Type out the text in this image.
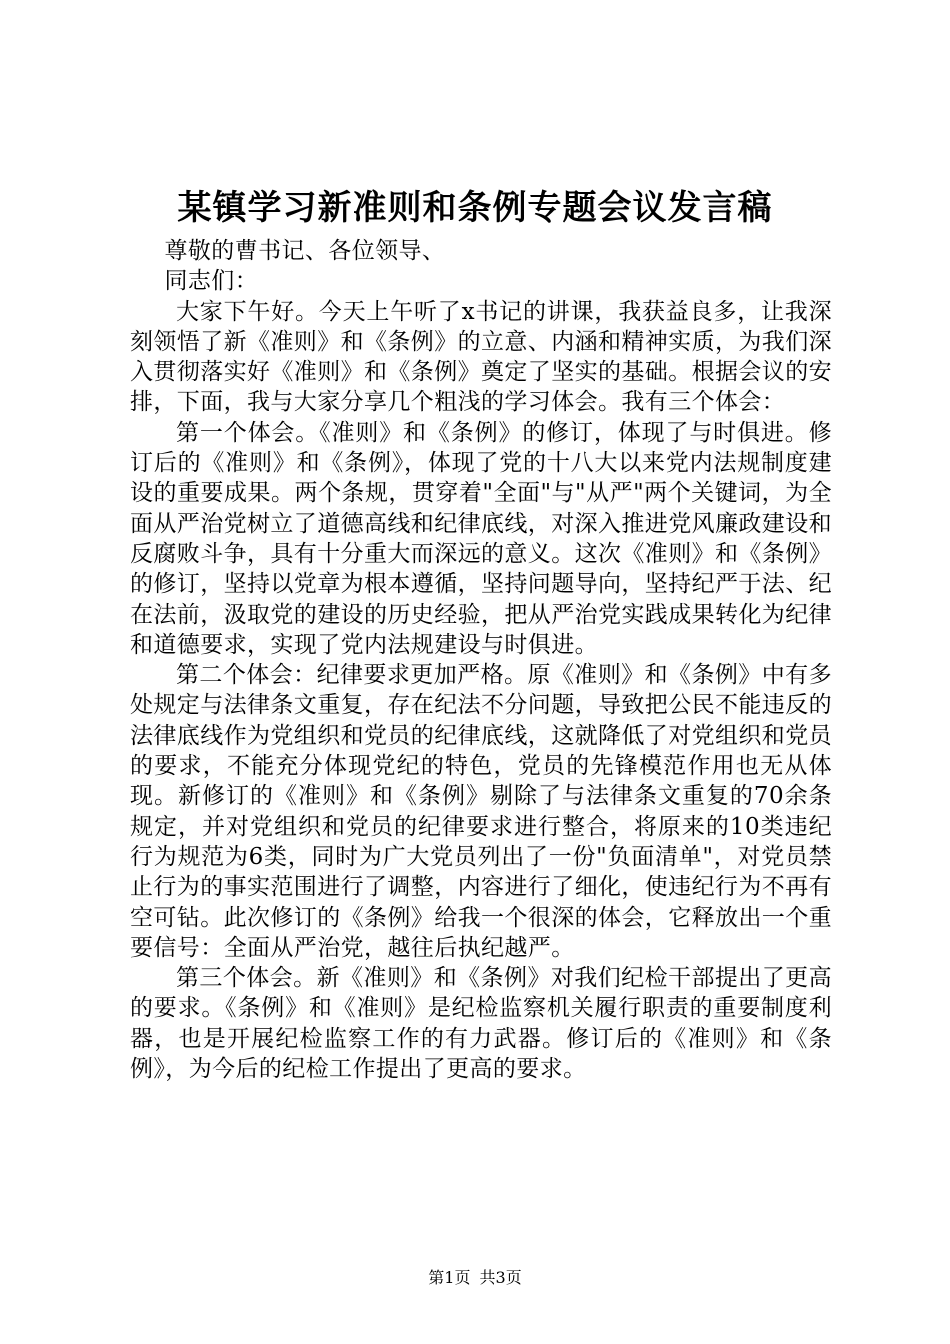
某镇学习新准则和条例专题会议发言稿

尊敬的曹书记、各位领导、

同志们：

大家下午好。今天上午听了x书记的讲课，我获益良多，让我深刻领悟了新《准则》和《条例》的立意、内涵和精神实质，为我们深入贯彻落实好《准则》和《条例》奠定了坚实的基础。根据会议的安排，下面，我与大家分享几个粗浅的学习体会。我有三个体会：

第一个体会。《准则》和《条例》的修订，体现了与时俱进。修订后的《准则》和《条例》，体现了党的十八大以来党内法规制度建设的重要成果。两个条规，贯穿着"全面"与"从严"两个关键词，为全面从严治党树立了道德高线和纪律底线，对深入推进党风廉政建设和反腐败斗争，具有十分重大而深远的意义。这次《准则》和《条例》的修订，坚持以党章为根本遵循，坚持问题导向，坚持纪严于法、纪在法前，汲取党的建设的历史经验，把从严治党实践成果转化为纪律和道德要求，实现了党内法规建设与时俱进。

第二个体会：纪律要求更加严格。原《准则》和《条例》中有多处规定与法律条文重复，存在纪法不分问题，导致把公民不能违反的法律底线作为党组织和党员的纪律底线，这就降低了对党组织和党员的要求，不能充分体现党纪的特色，党员的先锋模范作用也无从体现。新修订的《准则》和《条例》剔除了与法律条文重复的70余条规定，并对党组织和党员的纪律要求进行整合，将原来的10类违纪行为规范为6类，同时为广大党员列出了一份"负面清单"，对党员禁止行为的事实范围进行了调整，内容进行了细化，使违纪行为不再有空可钻。此次修订的《条例》给我一个很深的体会，它释放出一个重要信号：全面从严治党，越往后执纪越严。

第三个体会。新《准则》和《条例》对我们纪检干部提出了更高的要求。《条例》和《准则》是纪检监察机关履行职责的重要制度利器，也是开展纪检监察工作的有力武器。修订后的《准则》和《条例》，为今后的纪检工作提出了更高的要求。

第1页 共3页
